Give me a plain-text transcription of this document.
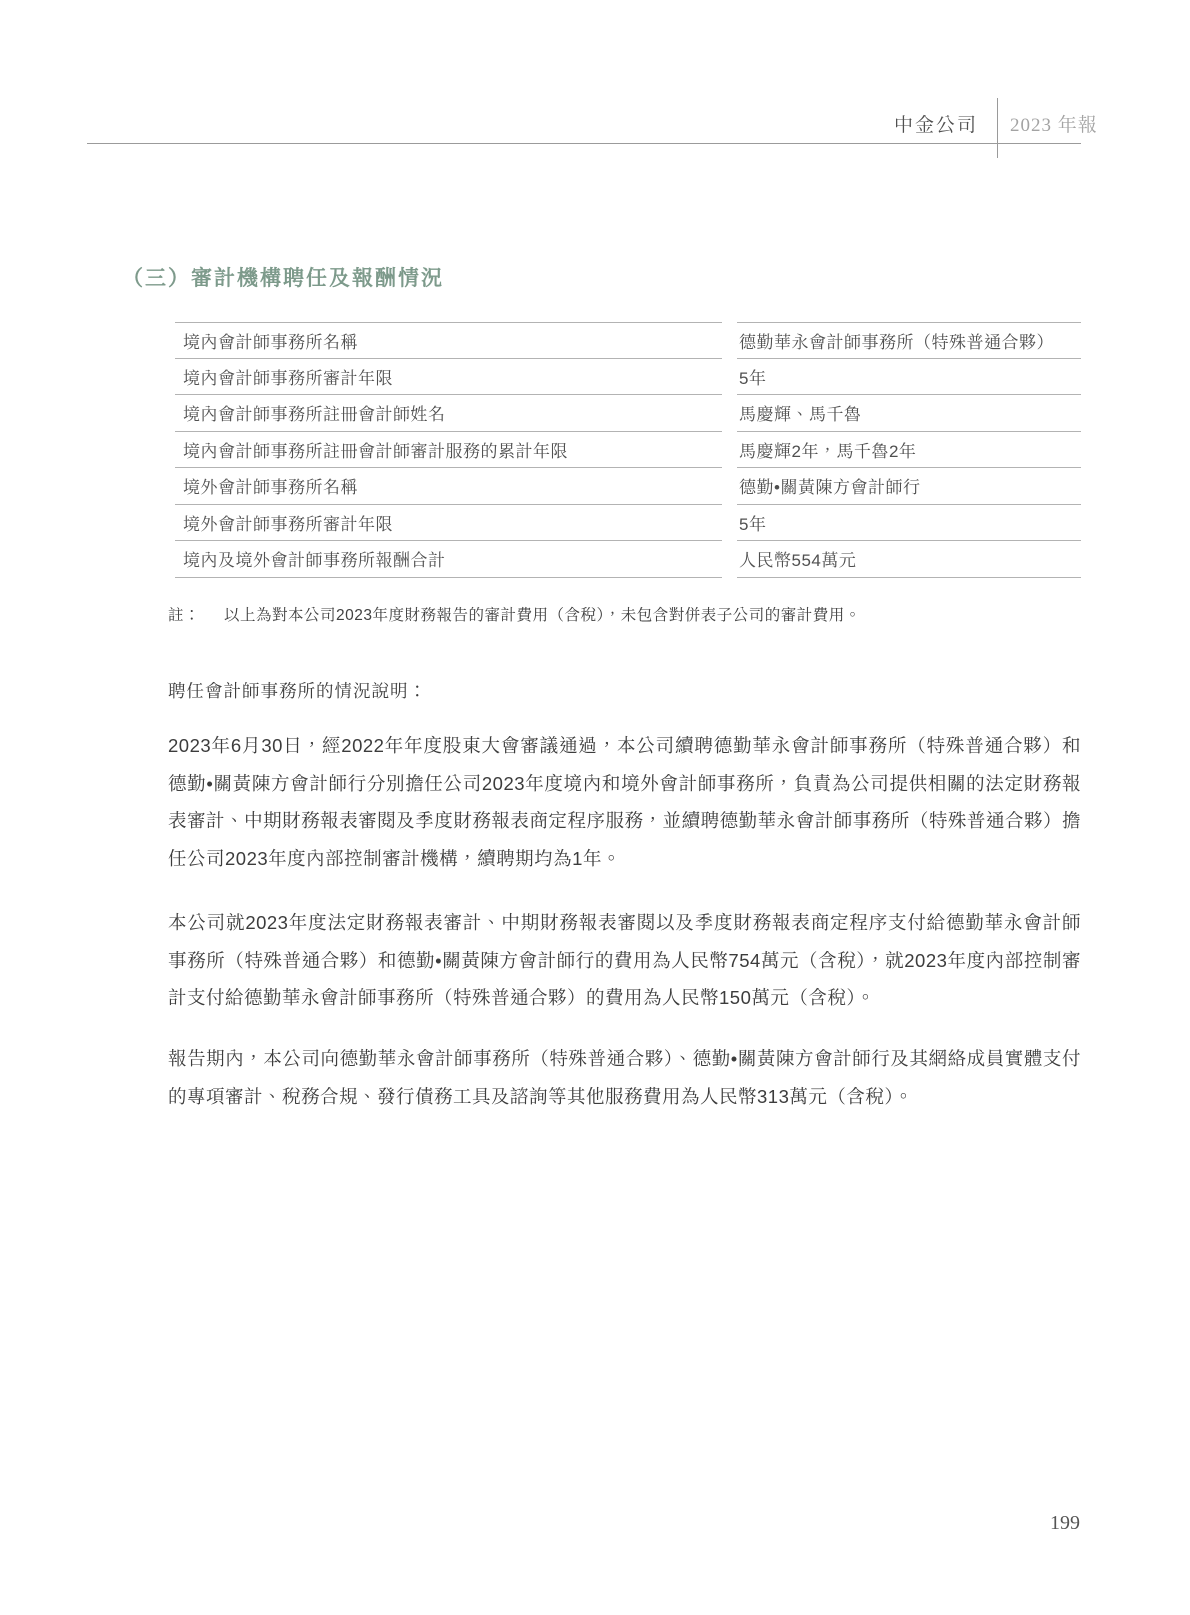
中金公司 2023 年報
（三）審計機構聘任及報酬情況
境內會計師事務所名稱	德勤華永會計師事務所（特殊普通合夥）
境內會計師事務所審計年限	5年
境內會計師事務所註冊會計師姓名	馬慶輝、馬千魯
境內會計師事務所註冊會計師審計服務的累計年限	馬慶輝2年，馬千魯2年
境外會計師事務所名稱	德勤•關黃陳方會計師行
境外會計師事務所審計年限	5年
境內及境外會計師事務所報酬合計	人民幣554萬元
註： 以上為對本公司2023年度財務報告的審計費用（含稅），未包含對併表子公司的審計費用。
聘任會計師事務所的情況說明：

2023年6月30日，經2022年年度股東大會審議通過，本公司續聘德勤華永會計師事務所（特殊普通合夥）和德勤•關黃陳方會計師行分別擔任公司2023年度境內和境外會計師事務所，負責為公司提供相關的法定財務報表審計、中期財務報表審閱及季度財務報表商定程序服務，並續聘德勤華永會計師事務所（特殊普通合夥）擔任公司2023年度內部控制審計機構，續聘期均為1年。

本公司就2023年度法定財務報表審計、中期財務報表審閱以及季度財務報表商定程序支付給德勤華永會計師事務所（特殊普通合夥）和德勤•關黃陳方會計師行的費用為人民幣754萬元（含稅），就2023年度內部控制審計支付給德勤華永會計師事務所（特殊普通合夥）的費用為人民幣150萬元（含稅）。

報告期內，本公司向德勤華永會計師事務所（特殊普通合夥）、德勤•關黃陳方會計師行及其網絡成員實體支付的專項審計、稅務合規、發行債務工具及諮詢等其他服務費用為人民幣313萬元（含稅）。

199
